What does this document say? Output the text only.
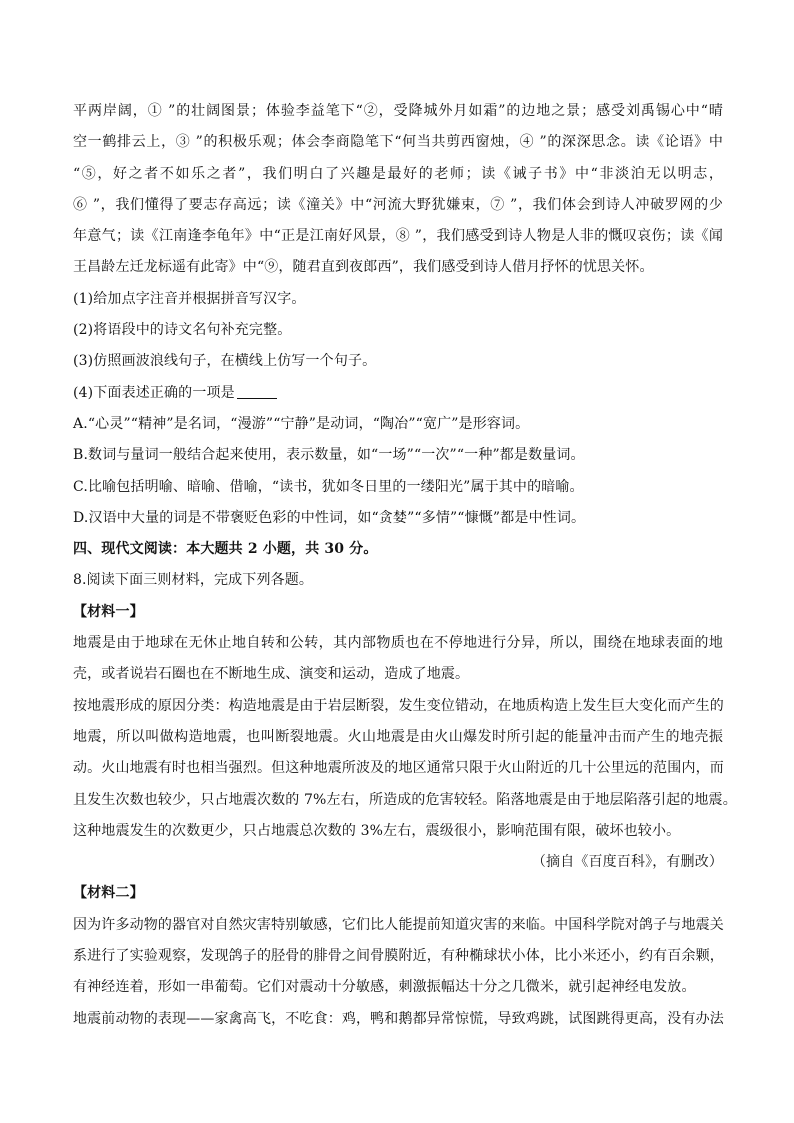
平两岸阔，① ”的壮阔图景；体验李益笔下“②，受降城外月如霜”的边地之景；感受刘禹锡心中“晴
空一鹤排云上，③ ”的积极乐观；体会李商隐笔下“何当共剪西窗烛，④ ”的深深思念。读《论语》中
“⑤，好之者不如乐之者”，我们明白了兴趣是最好的老师；读《诫子书》中“非淡泊无以明志，
⑥ ”，我们懂得了要志存高远；读《潼关》中“河流大野犹嫌束，⑦ ”，我们体会到诗人冲破罗网的少
年意气；读《江南逢李龟年》中“正是江南好风景，⑧ ”，我们感受到诗人物是人非的慨叹哀伤；读《闻
王昌龄左迁龙标遥有此寄》中“⑨，随君直到夜郎西”，我们感受到诗人借月抒怀的忧思关怀。
(1)给加点字注音并根据拼音写汉字。
(2)将语段中的诗文名句补充完整。
(3)仿照画波浪线句子，在横线上仿写一个句子。
(4)下面表述正确的一项是
A.“心灵”“精神”是名词，“漫游”“宁静”是动词，“陶冶”“宽广”是形容词。
B.数词与量词一般结合起来使用，表示数量，如“一场”“一次”“一种”都是数量词。
C.比喻包括明喻、暗喻、借喻，“读书，犹如冬日里的一缕阳光”属于其中的暗喻。
D.汉语中大量的词是不带褒贬色彩的中性词，如“贪婪”“多情”“慷慨”都是中性词。
四、现代文阅读：本大题共 2 小题，共 30 分。
8.阅读下面三则材料，完成下列各题。
【材料一】
地震是由于地球在无休止地自转和公转，其内部物质也在不停地进行分异，所以，围绕在地球表面的地
壳，或者说岩石圈也在不断地生成、演变和运动，造成了地震。
按地震形成的原因分类：构造地震是由于岩层断裂，发生变位错动，在地质构造上发生巨大变化而产生的
地震，所以叫做构造地震，也叫断裂地震。火山地震是由火山爆发时所引起的能量冲击而产生的地壳振
动。火山地震有时也相当强烈。但这种地震所波及的地区通常只限于火山附近的几十公里远的范围内，而
且发生次数也较少，只占地震次数的 7%左右，所造成的危害较轻。陷落地震是由于地层陷落引起的地震。
这种地震发生的次数更少，只占地震总次数的 3%左右，震级很小，影响范围有限，破坏也较小。
（摘自《百度百科》，有删改）
【材料二】
因为许多动物的器官对自然灾害特别敏感，它们比人能提前知道灾害的来临。中国科学院对鸽子与地震关
系进行了实验观察，发现鸽子的胫骨的腓骨之间骨膜附近，有种椭球状小体，比小米还小，约有百余颗，
有神经连着，形如一串葡萄。它们对震动十分敏感，刺激振幅达十分之几微米，就引起神经电发放。
地震前动物的表现——家禽高飞，不吃食：鸡，鸭和鹅都异常惊慌，导致鸡跳，试图跳得更高，没有办法
